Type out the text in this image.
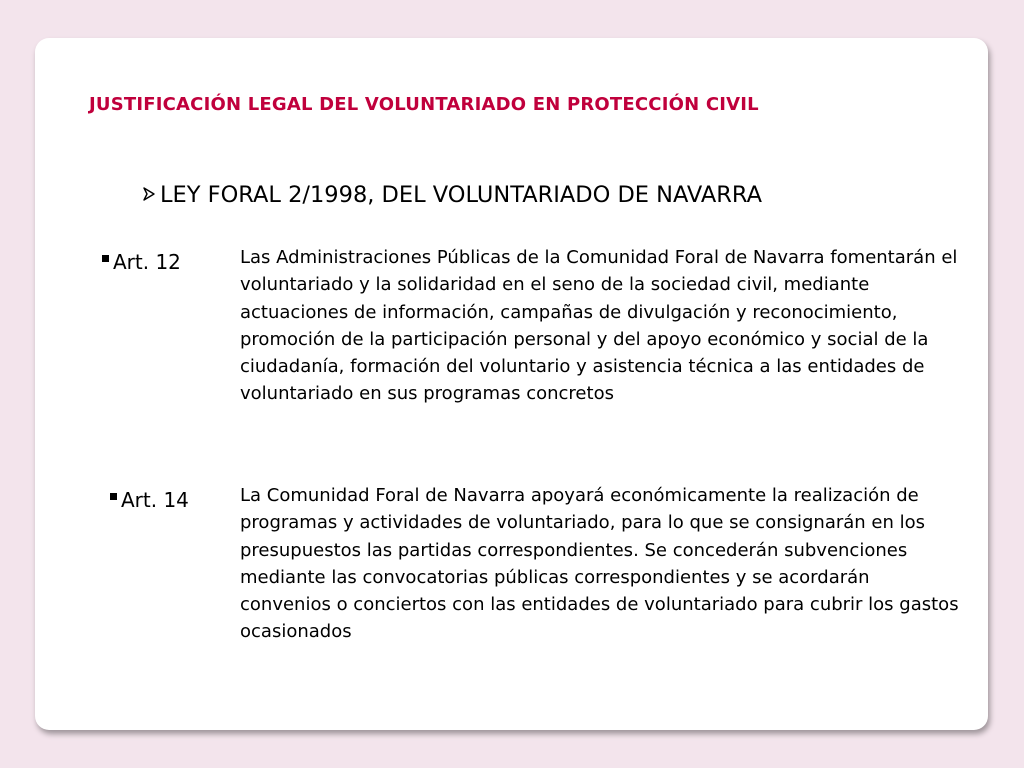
JUSTIFICACIÓN LEGAL DEL VOLUNTARIADO EN PROTECCIÓN CIVIL
LEY FORAL 2/1998, DEL VOLUNTARIADO DE NAVARRA
Art. 12	Las Administraciones Públicas de la Comunidad Foral de Navarra fomentarán el voluntariado y la solidaridad en el seno de la sociedad civil, mediante actuaciones de información, campañas de divulgación y reconocimiento, promoción de la participación personal y del apoyo económico y social de la ciudadanía, formación del voluntario y asistencia técnica a las entidades de voluntariado en sus programas concretos

Art. 14	La Comunidad Foral de Navarra apoyará económicamente la realización de programas y actividades de voluntariado, para lo que se consignarán en los presupuestos las partidas correspondientes. Se concederán subvenciones mediante las convocatorias públicas correspondientes y se acordarán convenios o conciertos con las entidades de voluntariado para cubrir los gastos ocasionados
